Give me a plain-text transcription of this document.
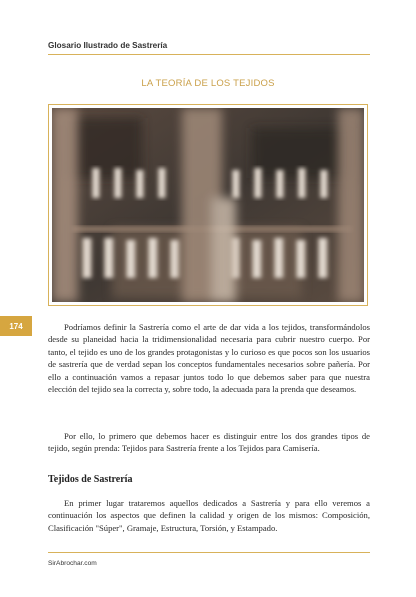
Glosario Ilustrado de Sastrería
LA TEORÍA DE LOS TEJIDOS
174	Podríamos definir la Sastrería como el arte de dar vida a los tejidos, transformándolos desde su planeidad hacia la tridimensionalidad necesaria para cubrir nuestro cuerpo. Por tanto, el tejido es uno de los grandes protagonistas y lo curioso es que pocos son los usuarios de sastrería que de verdad sepan los conceptos fundamentales necesarios sobre pañería. Por ello a continuación vamos a repasar juntos todo lo que debemos saber para que nuestra elección del tejido sea la correcta y, sobre todo, la adecuada para la prenda que deseamos.

Por ello, lo primero que debemos hacer es distinguir entre los dos grandes tipos de tejido, según prenda: Tejidos para Sastrería frente a los Tejidos para Camisería.

Tejidos de Sastrería

En primer lugar trataremos aquellos dedicados a Sastrería y para ello veremos a continuación los aspectos que definen la calidad y origen de los mismos: Composición, Clasificación "Súper", Gramaje, Estructura, Torsión, y Estampado.

SirAbrochar.com
